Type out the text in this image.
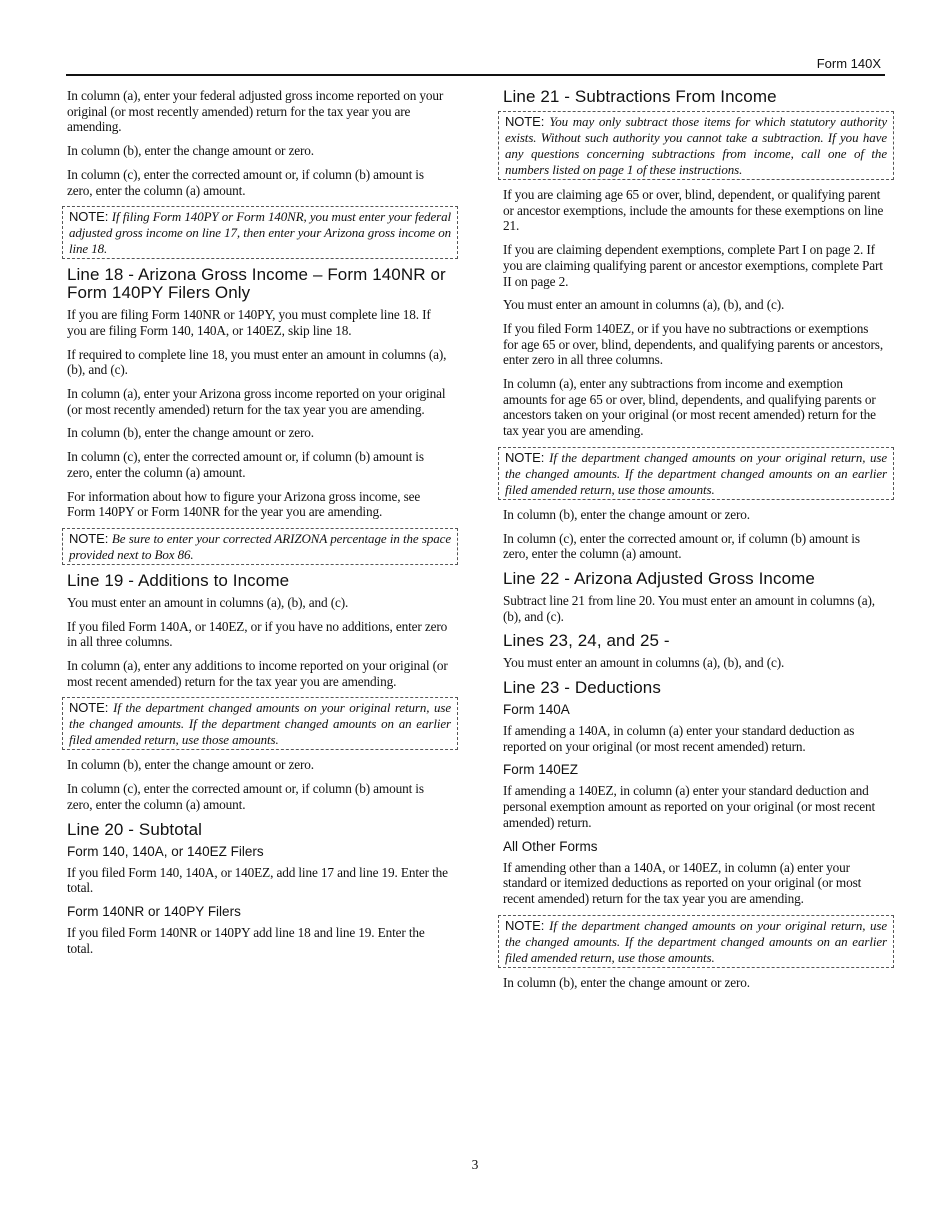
Form 140X

In column (a), enter your federal adjusted gross income reported on your original (or most recently amended) return for the tax year you are amending.

In column (b), enter the change amount or zero.

In column (c), enter the corrected amount or, if column (b) amount is zero, enter the column (a) amount.

NOTE: If filing Form 140PY or Form 140NR, you must enter your federal adjusted gross income on line 17, then enter your Arizona gross income on line 18.
Line 18 - Arizona Gross Income – Form 140NR or Form 140PY Filers Only

If you are filing Form 140NR or 140PY, you must complete line 18. If you are filing Form 140, 140A, or 140EZ, skip line 18.

If required to complete line 18, you must enter an amount in columns (a), (b), and (c).

In column (a), enter your Arizona gross income reported on your original (or most recently amended) return for the tax year you are amending.

In column (b), enter the change amount or zero.

In column (c), enter the corrected amount or, if column (b) amount is zero, enter the column (a) amount.

For information about how to figure your Arizona gross income, see Form 140PY or Form 140NR for the year you are amending.

NOTE: Be sure to enter your corrected ARIZONA percentage in the space provided next to Box 86.
Line 19 - Additions to Income

You must enter an amount in columns (a), (b), and (c).

If you filed Form 140A, or 140EZ, or if you have no additions, enter zero in all three columns.

In column (a), enter any additions to income reported on your original (or most recent amended) return for the tax year you are amending.

NOTE: If the department changed amounts on your original return, use the changed amounts. If the department changed amounts on an earlier filed amended return, use those amounts.

In column (b), enter the change amount or zero.

In column (c), enter the corrected amount or, if column (b) amount is zero, enter the column (a) amount.

Line 20 - Subtotal
Form 140, 140A, or 140EZ Filers

If you filed Form 140, 140A, or 140EZ, add line 17 and line 19. Enter the total.

Form 140NR or 140PY Filers

If you filed Form 140NR or 140PY add line 18 and line 19. Enter the total.

Line 21 - Subtractions From Income
NOTE: You may only subtract those items for which statutory authority exists. Without such authority you cannot take a subtraction. If you have any questions concerning subtractions from income, call one of the numbers listed on page 1 of these instructions.

If you are claiming age 65 or over, blind, dependent, or qualifying parent or ancestor exemptions, include the amounts for these exemptions on line 21.

If you are claiming dependent exemptions, complete Part I on page 2. If you are claiming qualifying parent or ancestor exemptions, complete Part II on page 2.

You must enter an amount in columns (a), (b), and (c).

If you filed Form 140EZ, or if you have no subtractions or exemptions for age 65 or over, blind, dependents, and qualifying parents or ancestors, enter zero in all three columns.

In column (a), enter any subtractions from income and exemption amounts for age 65 or over, blind, dependents, and qualifying parents or ancestors taken on your original (or most recent amended) return for the tax year you are amending.

NOTE: If the department changed amounts on your original return, use the changed amounts. If the department changed amounts on an earlier filed amended return, use those amounts.

In column (b), enter the change amount or zero.

In column (c), enter the corrected amount or, if column (b) amount is zero, enter the column (a) amount.

Line 22 - Arizona Adjusted Gross Income

Subtract line 21 from line 20. You must enter an amount in columns (a), (b), and (c).

Lines 23, 24, and 25 -

You must enter an amount in columns (a), (b), and (c).

Line 23 - Deductions
Form 140A

If amending a 140A, in column (a) enter your standard deduction as reported on your original (or most recent amended) return.

Form 140EZ

If amending a 140EZ, in column (a) enter your standard deduction and personal exemption amount as reported on your original (or most recent amended) return.

All Other Forms

If amending other than a 140A, or 140EZ, in column (a) enter your standard or itemized deductions as reported on your original (or most recent amended) return for the tax year you are amending.

NOTE: If the department changed amounts on your original return, use the changed amounts. If the department changed amounts on an earlier filed amended return, use those amounts.

In column (b), enter the change amount or zero.

3
